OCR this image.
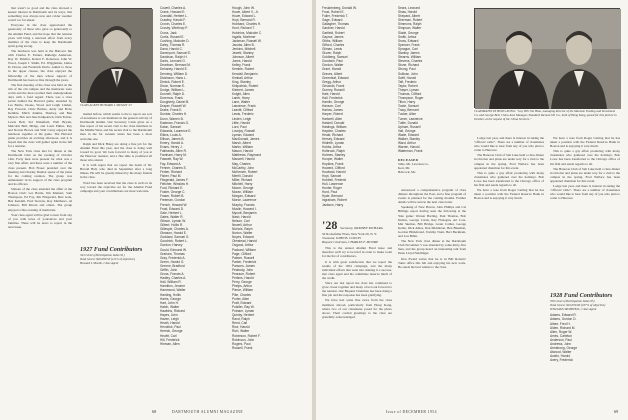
that wasn't so good and the class showed a keener interest in Dartmouth and its ways, that something was always new and colder weather wasn't too far ahead.

Everyone in the class appreciated the generosity of those who gave so generously to the Alumni Fund, and the hope that the reunion years will bring a renewed effort from every member of the class to keep the Dartmouth spirit going strong.

The luncheon was held at the Hanover Inn with Charles E. Fenner, Rutledge Anderson, Ray W. Pulsifer, Robert F. Roberson, John W. Wood, Joseph J. Smith, Ed. Wiggleman, James D. Doran, and Frederick Davis. Added to those in the upper classes, the class enjoyed the fellowship of the men whose support of Dartmouth has been so fine through the years.

The first meeting of the class was held on the rim of the old campus and the memories were warm and the men recalled their undergraduate days with a fond regard. There was a class picnic behind the Harvard game, attended by Les Bartle, Doane, Wood and Leigh Linden, Ray Fawcett, Chris Barbee, Andy and Bobo Kemble, Mitch Jenkins, Sherbey, and Ben Mynott. Bob and Jane Kirkpatrick, Dick Ferber, Lewis Bell, Sid Wakefield, Walt Bryant, Malcolm Bell, Midge, and Louis Elkins. Ray and Norton Brown and Walt Carey enjoyed the luncheon together at the game. The Harvard game provides an exciting afternoon, and it is hoped that the class will gather again in the fall for a reunion.

The New York class met for dinner at the Dartmouth Club on the evening of October 14th. Forty men were present for what was a very fine affair, and there were a number of the class present. Bob Fraser presided over the meeting and Charley Dunbar spoke of the plans for the coming reunion. The group was enthusiastic in its support of the class program and its officers.

Sixteen of the class attended the affair at the Boston Club: Les Bartle, Jim Kleinert, Sam Thompson, Ed Fay, Jim Fitzgerald, Bert Gale, Ben Kendall, Fred Stevens, Ray Matthews, Al Johnson, Bill Moran and others. The group enjoyed a fine evening of memories.

Your class agent will be glad to hear from any of you with news of yourselves and your families. There will be news to report in the next issue.

CLASS AGENT HOWARD I. MUSLIN '27

mailed before, which seems to me to report our sort of newsiness to our members in the general activity of Dartmouth alumni. Our Secretary Clark gives us a fine report of his recent visit to the class members in the Middle West, and his recent visit to the Dartmouth men in the far western states has been a most welcome one.

Ralph and Dick Haley are doing a fine job for the Alumni Fund this year, and the class is doing well toward its goal. We look forward to many of you at the Hanover reunion, and a fine time is promised all those who attend.

It is with regret that we report the death of Dr. Harold Hall, who died in September after a long illness. He will be greatly missed by his many friends in the class.

Word has been received that the class is well on its way toward the objective set for the Alumni Fund campaign and your contributions are most welcome.

1927 Fund Contributors
343 Givers (Participation Index 91)
Total Given: $20,090.50 (111% of objective)
Howard I. Muslin, Class Agent
Cowell, Charles A.
Crane, Howard E.
Crandall, Herbert L.
Crawley, Harold F.
Cronin, Charles E.
Crosby, Winthrop P.
Cross, Jack
Curtis, Russell E.
Cushing, Malcolm D.
Daley, Thomas R.
Dana, Harold C.
Davenport, Samuel E.
Davidson, Ralph H.
Davis, Leonard G.
Dearborn, Bernard M.
Dehaney, Harold E.
Denning, William D.
Dickinson, Hans L.
Dimick, Robert E.
Dixon, Norman E.
Dodge, William L.
Donnell, Ralph D.
Doremus, Frank
Dougherty, Daniel B.
Draper, Russell W.
Drake, Frank E.
Dunbar, Charles H.
Dunn, Warren B.
Eastman, Francis G.
Eaton, Samuel
Edwards, Laurence E.
Elkins, Louis A.
Ellison, James B.
Emery, Harold A.
Evans, Henry J.
Fairbanks, Allen R.
Farnham, Harry M.
Fawcett, Ray W.
Fay, Edward A.
Fenner, Charles E.
Ferber, Richard
Fisher, Paul M.
Fitzgerald, James F.
Fletcher, Winslow H.
Ford, Richard E.
Foster, George C.
Fraser, Robert B.
Freeman, Gordon
French, Howard W.
Frost, Edward D.
Gale, Herbert L.
Gates, Walter R.
Gibson, Lyman W.
Gilbert, Hollis R.
Gillespie, Charles A.
Gleason, Harold E.
Goddard, Samuel G.
Goodrich, Robert L.
Gordon, Harvey
Gould, Edmund W.
Graham, Thomas
Gray, Frederick A.
Green, Harold G.
Greene, Bradford
Griffin, John
Gross, Francis A.
Hadley, Charles A.
Hall, William R.
Hamilton, Jerome
Hammond, Walter
Harding, Hollis
Harris, George
Hart, John H.
Hatch, Walter
Hawkins, Richard
Hayes, John
Hazen, Leigh
Heath, Harold
Hendrick, Paul
Herrick, George
Hewitt, Carl
Hill, Frederick
Hinman, Allen
Hough, John W.
Howe, Albert V., Jr.
Howe, Edward L.
Hoyt, Bernard R.
Hubbard, Charles H.
Hunt, Richard T.
Hutchins, Malcolm C.
Ingalls, Mortimer
Jackman, Russell W.
Jacobs, Allen B.
Jenkins, Mitchell
Jewett, Stanley
Johnson, Albert
Jones, Harold
Kelley, Frank
Kemble, Robert
Kendall, Benjamin
Kimball, Arthur
King, Stanley
Kirkpatrick, Robert
Kleinert, James
Knight, Allen
Lamb, Harry
Lane, Walter
Lawrence, Frank
Leavitt, Clifford
Lewis, Frederic
Linden, Leigh
Little, Harold
Lord, Paul
Lovejoy, Russell
Lyman, Edward
MacDonald, James
Marsh, Albert
Martin, William
Mason, Harold
Matthews, Raymond
Maxwell, Harold
May, Charles
McCarthy, John
McKenzie, Robert
Merrill, Donald
Miller, Richard
Mitchell, Harry
Moore, George
Moran, William
Morgan, Edward
Morse, Lawrence
Murphy, Francis
Muslin, Howard I.
Mynott, Benjamin
Nash, Harold
Nelson, Carl
Newell, Arthur
Nichols, Ralph
Norton, Walter
Noyes, Edward
Olmstead, Harold
Osgood, Arthur
Packard, William
Page, Clifford
Palmer, Russell
Parker, Frederick
Parsons, James
Peabody, John
Pearson, Robert
Perkins, Harold
Perry, George
Phelps, Arthur
Pierce, William
Pike, Charles
Porter, Allen
Pratt, Edward
Pulsifer, Ray W.
Putnam, Lyman
Quinby, Herbert
Rand, Ralph
Reed, Carl
Rice, Harold
Rich, Walter
Roberson, Robert F.
Robinson, John
Rogers, Paul
Russell, Frank
68	DARTMOUTH ALUMNI MAGAZINE
Freudenberg, Donald W.
Frost, Robert E.
Fuller, Frederick T.
Gage, Edward
Gallagher, Thomas
Gardner, Harold
Garfield, Robert
Gaynor, James
Gibbs, William
Gifford, Charles
Gilman, Lewis
Glover, Ralph
Goldberg, Samuel
Goodwin, Paul
Gordon, Walter
Grant, Harold
Graves, Albert
Greenleaf, Edward
Gregg, Arthur
Griswold, Frank
Gurney, Russell
Hale, Harold
Hall, Frederick
Hamlin, George
Hanson, Carl
Harlow, James
Harper, Robert
Hartwell, Allen
Haskell, Donald
Hastings, William
Hayden, Charles
Heald, Richard
Hersey, Edward
Hildreth, Lyman
Hobbs, Arthur
Holbrook, Ralph
Holmes, Stanley
Hooper, Walter
Hopkins, Frank
Howard, Clifford
Howland, Harold
Hoyt, Samuel
Hubbell, Frederic
Hull, Lawrence
Hunter, Roger
Hurd, Paul
Hyde, Bernard
Ingraham, Robert
Jackson, Harry
'28 Secretary, ORMSBY MCHARG
50 Rockefeller Plaza, New York 20, N. Y.
Treasurer, JOHN B. COUCH
Bequest Chairman, CHARLES F. MOORE

This is the annual Alumni Fund issue and therefore we'll try to be brief in order to make room for the list of contributors.

It is with great satisfaction that we report the results of the 1954 campaign, and the many individual efforts that went into making it a success. Our class agent and his committee deserve much of the credit.

Since our last report the class has continued to grow closer together and many of us look forward to the reunion. Our Bequest Chairman has been doing a fine job and the response has been gratifying.

We have had some fine news from the class members abroad, particularly from Hong Kong, where two of our classmates posed for the photo above. Their cordial greetings to the class are gratefully acknowledged.

Sears, Leonard
Shaw, Harold
Shepard, Albert
Sherman, Robert
Simmons, Ralph
Simpson, Walter
Slade, George
Smith, Arthur
Snow, Edward
Spencer, Frank
Sprague, Carl
Stanley, James
Stearns, William
Stevens, Charles
Stone, Richard
Strong, Paul
Sullivan, John
Swift, Harold
Taft, Frederic
Taylor, Robert
Thayer, Lyman
Thomas, Clifford
Thompson, Roger
Tilton, Harry
Towle, Samuel
Tracy, Bernard
Tucker, Allen
Turner, Lawrence
Tuttle, Donald
Upham, Russell
Vail, George
Wade, Edward
Walker, Stanley
Ward, Arthur
Warren, Harold
Waterman, Frank
DECEASED
Sims, Mr. Lawrence G.
Kerr, Mr.
Babcock, Mr.

announced a comprehensive program of class dinners throughout the East, and a fine program of events is planned for the coming months. Further details will be sent in the next class letter.

Speaking of New Haven, John Phillips and Cal Billings report having seen the following at the Yale game: Warren Barling, Paul Thomas, Bob Dalton, George Curtis, Ray Flanagan, Art Cote, Mal Skelton, Bill Bridge, Grant Collier, George Kellar, Dick Ahles, Dan Middleton, Ben Bleeman, Gordon Hildebrand, Tommy Trent, Bert Beckham, and Lou Biller.

The New York class dinner at the Dartmouth Club November 5 was attended by some thirty-five men, and the group heard an interesting talk from Dean Lloyd Neidlinger.

Don Ewald writes that he is in Bill Roberts' Tunis office this fall and enjoying his new work. He sends his best wishes to the class.

CLASSMATES IN HONG KONG: "Guy Hill Jim Hian, managing director of the Mansion Trading and Investment Co. and George Bell, China Area Manager, Standard Vacuum Oil Co., both of Hong Kong, posed for this picture in October, at the request of the China Services."

Lodge last year, and there is interest in taking the "officers' table". There are a number of classmates who would like to hear from any of you who plan to come to Hanover.

The Hanover Club of Salt Lake held a class dinner in October and plans are under way for a visit to the campus in the spring. Fred Wallace has been appointed chairman for this event.

This is quite a gay affair producing with many classmates who gathered over the holidays. Bob Lowe has been transferred to the Chicago office of his firm and sends regards to all.

We have a note from Roger Cutting that he has taken a position with the Federal Reserve Bank in Boston and is enjoying it very much.

We have a note from Roger Cutting that he has taken a position with the Federal Reserve Bank in Boston and is enjoying it very much.

This is quite a gay affair producing with many classmates who gathered over the holidays. Bob Lowe has been transferred to the Chicago office of his firm and sends regards to all.

The Hanover Club of Salt Lake held a class dinner in October and plans are under way for a visit to the campus in the spring. Fred Wallace has been appointed chairman for this event.

Lodge last year, and there is interest in taking the "officers' table". There are a number of classmates who would like to hear from any of you who plan to come to Hanover.

1928 Fund Contributors
356 Givers (Participation Index 95)
Total Given: $19,030.00 (107% of objective)
WILLIAM CROMWELL, Class Agent
Adams, Edward R.
Adams, Gordon D.
Albee, Fred H.
Alden, Richard M.
Allen, Roger W.
Ames, Carleton
Anderson, Paul
Andrews, John
Armstrong, George
Atwood, Walter
Austin, Harold
Avery, Frederick
69
Issue of DECEMBER 1954
